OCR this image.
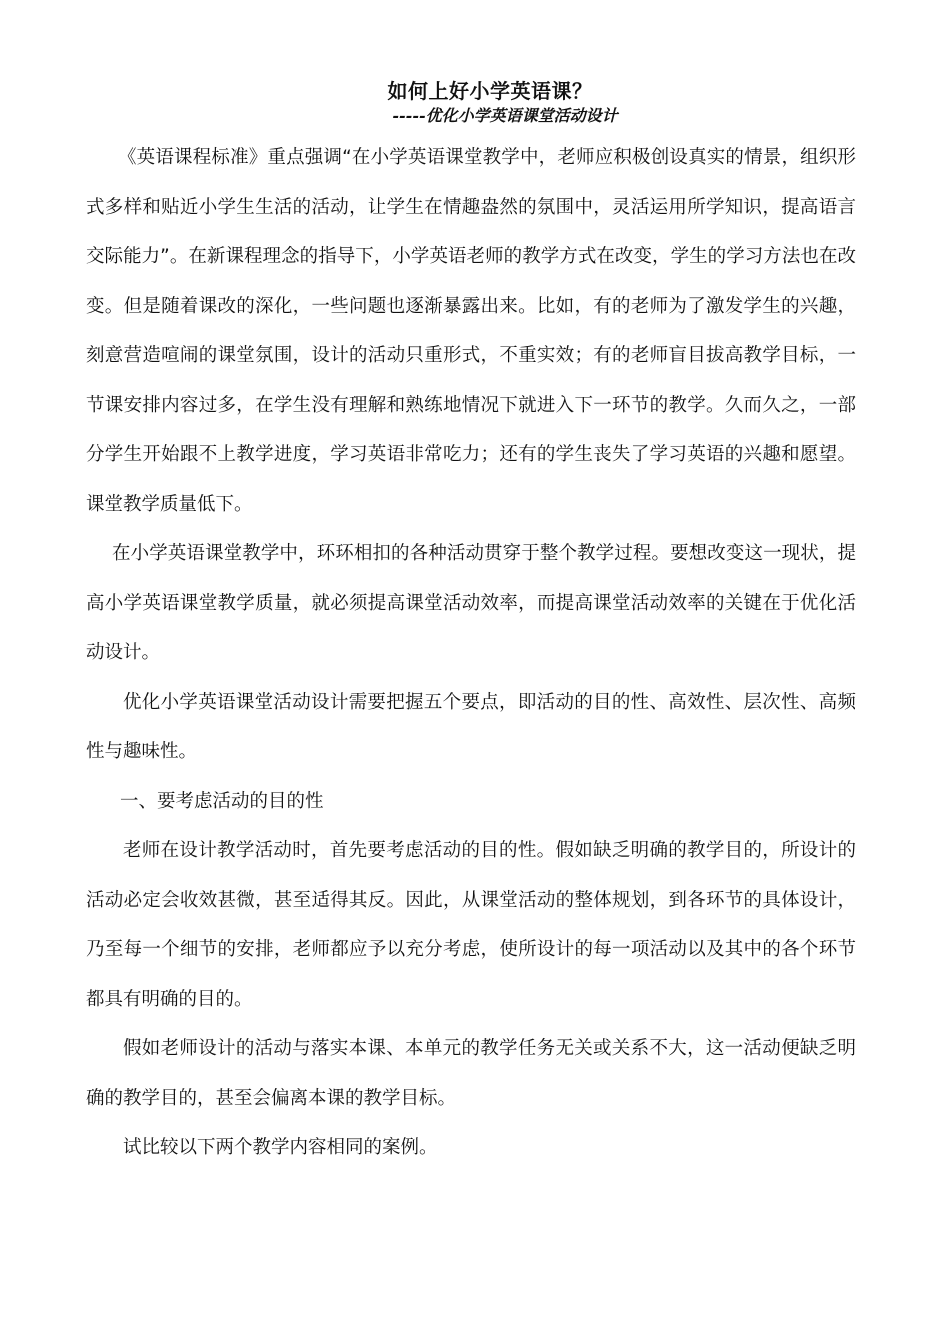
如何上好小学英语课？
-----优化小学英语课堂活动设计

《英语课程标准》重点强调“在小学英语课堂教学中，老师应积极创设真实的情景，组织形式多样和贴近小学生生活的活动，让学生在情趣盎然的氛围中，灵活运用所学知识，提高语言交际能力”。在新课程理念的指导下，小学英语老师的教学方式在改变，学生的学习方法也在改变。但是随着课改的深化，一些问题也逐渐暴露出来。比如，有的老师为了激发学生的兴趣，刻意营造喧闹的课堂氛围，设计的活动只重形式，不重实效；有的老师盲目拔高教学目标，一节课安排内容过多，在学生没有理解和熟练地情况下就进入下一环节的教学。久而久之，一部分学生开始跟不上教学进度，学习英语非常吃力；还有的学生丧失了学习英语的兴趣和愿望。课堂教学质量低下。

在小学英语课堂教学中，环环相扣的各种活动贯穿于整个教学过程。要想改变这一现状，提高小学英语课堂教学质量，就必须提高课堂活动效率，而提高课堂活动效率的关键在于优化活动设计。

优化小学英语课堂活动设计需要把握五个要点，即活动的目的性、高效性、层次性、高频性与趣味性。

一、要考虑活动的目的性

老师在设计教学活动时，首先要考虑活动的目的性。假如缺乏明确的教学目的，所设计的活动必定会收效甚微，甚至适得其反。因此，从课堂活动的整体规划，到各环节的具体设计，乃至每一个细节的安排，老师都应予以充分考虑，使所设计的每一项活动以及其中的各个环节都具有明确的目的。

假如老师设计的活动与落实本课、本单元的教学任务无关或关系不大，这一活动便缺乏明确的教学目的，甚至会偏离本课的教学目标。

试比较以下两个教学内容相同的案例。
